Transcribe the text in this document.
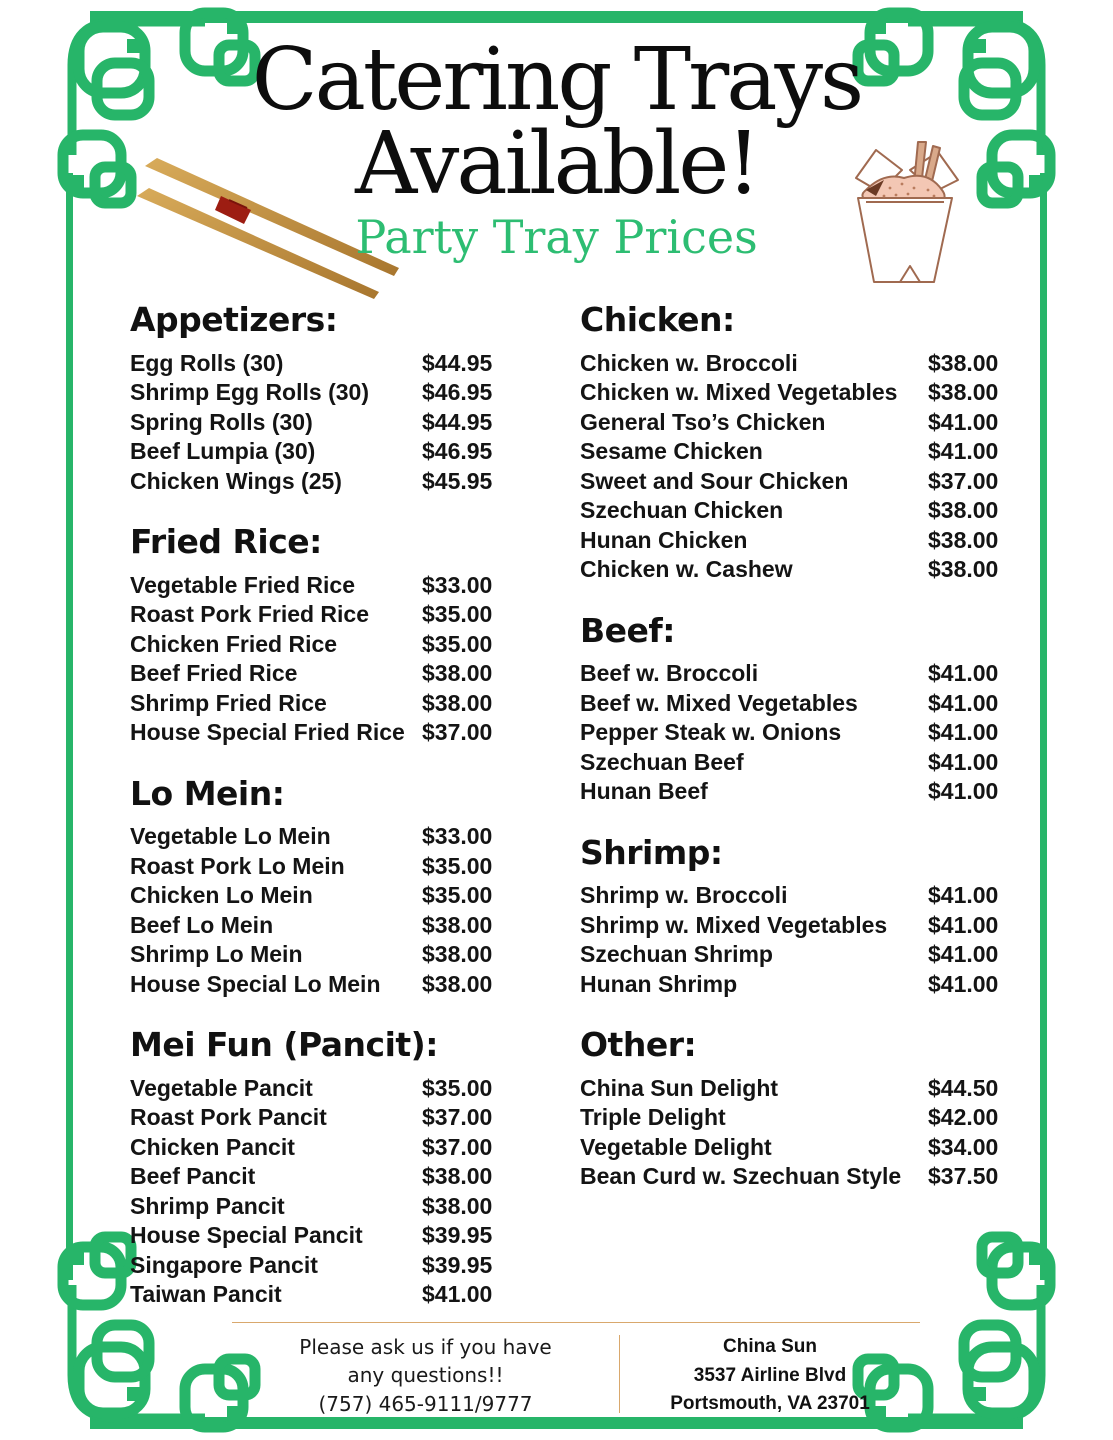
Catering Trays
Available!
Party Tray Prices
Appetizers:
Egg Rolls (30)	$44.95
Shrimp Egg Rolls (30)	$46.95
Spring Rolls (30)	$44.95
Beef Lumpia (30)	$46.95
Chicken Wings (25)	$45.95
Fried Rice:
Vegetable Fried Rice	$33.00
Roast Pork Fried Rice	$35.00
Chicken Fried Rice	$35.00
Beef Fried Rice	$38.00
Shrimp Fried Rice	$38.00
House Special Fried Rice $37.00
Lo Mein:
Vegetable Lo Mein	$33.00
Roast Pork Lo Mein	$35.00
Chicken Lo Mein	$35.00
Beef Lo Mein	$38.00
Shrimp Lo Mein	$38.00
House Special Lo Mein	$38.00
Mei Fun (Pancit):
Vegetable Pancit	$35.00
Roast Pork Pancit	$37.00
Chicken Pancit	$37.00
Beef Pancit	$38.00
Shrimp Pancit	$38.00
House Special Pancit	$39.95
Singapore Pancit	$39.95
Taiwan Pancit	$41.00
Chicken:
Chicken w. Broccoli	$38.00
Chicken w. Mixed Vegetables	$38.00
General Tso’s Chicken	$41.00
Sesame Chicken	$41.00
Sweet and Sour Chicken	$37.00
Szechuan Chicken	$38.00
Hunan Chicken	$38.00
Chicken w. Cashew	$38.00
Beef:
Beef w. Broccoli	$41.00
Beef w. Mixed Vegetables	$41.00
Pepper Steak w. Onions	$41.00
Szechuan Beef	$41.00
Hunan Beef	$41.00
Shrimp:
Shrimp w. Broccoli	$41.00
Shrimp w. Mixed Vegetables	$41.00
Szechuan Shrimp	$41.00
Hunan Shrimp	$41.00
Other:
China Sun Delight	$44.50
Triple Delight	$42.00
Vegetable Delight	$34.00
Bean Curd w. Szechuan Style	$37.50
Please ask us if you have
any questions!!
(757) 465-9111/9777
China Sun
3537 Airline Blvd
Portsmouth, VA 23701
